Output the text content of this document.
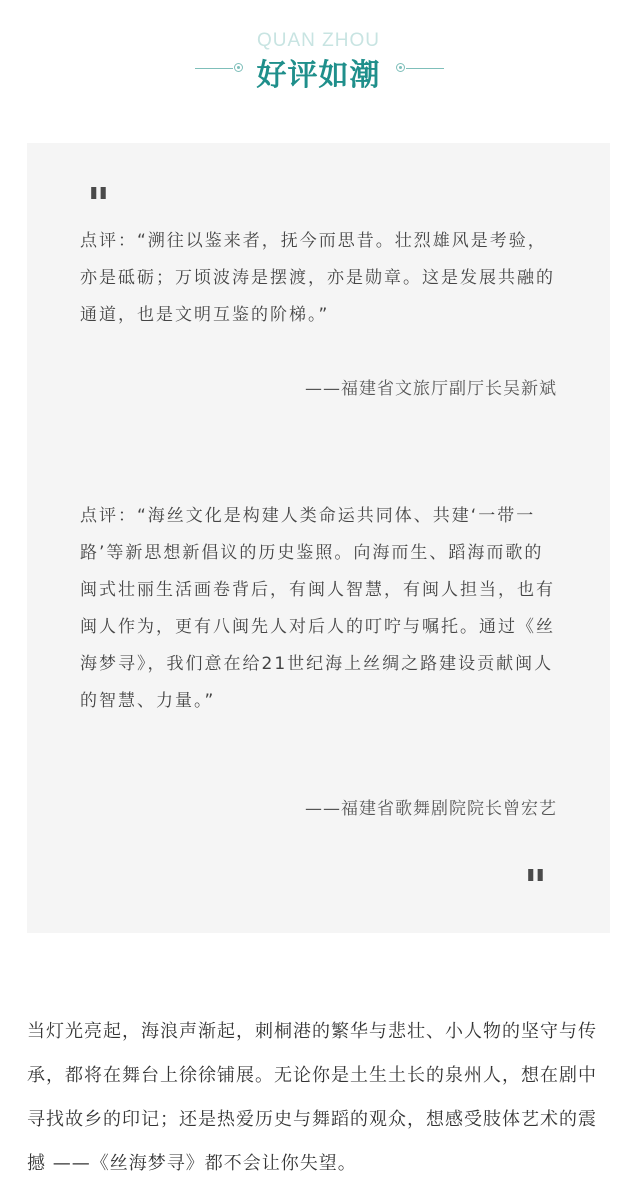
QUAN ZHOU
好评如潮
"

点评：“溯往以鉴来者，抚今而思昔。壮烈雄风是考验，亦是砥砺；万顷波涛是摆渡，亦是勋章。这是发展共融的通道，也是文明互鉴的阶梯。”

——福建省文旅厅副厅长吴新斌

点评：“海丝文化是构建人类命运共同体、共建‘一带一路’等新思想新倡议的历史鉴照。向海而生、蹈海而歌的闽式壮丽生活画卷背后，有闽人智慧，有闽人担当，也有闽人作为，更有八闽先人对后人的叮咛与嘱托。通过《丝海梦寻》，我们意在给21世纪海上丝绸之路建设贡献闽人的智慧、力量。”

——福建省歌舞剧院院长曾宏艺
"

当灯光亮起，海浪声渐起，刺桐港的繁华与悲壮、小人物的坚守与传承，都将在舞台上徐徐铺展。无论你是土生土长的泉州人，想在剧中寻找故乡的印记；还是热爱历史与舞蹈的观众，想感受肢体艺术的震撼 ——《丝海梦寻》都不会让你失望。
